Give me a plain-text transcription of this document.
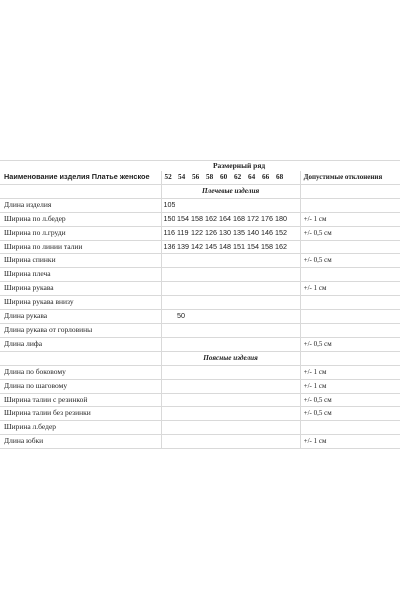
	Размерный ряд										
Наименование изделия Платье женское	52	54	56	58	60	62	64	66	68		Допустимые отклонения
	Плечевые изделия										
Длина изделия	105										
Ширина по л.бедер	150	154	158	162	164	168	172	176	180		+/- 1 см
Ширина по л.груди	116	119	122	126	130	135	140	146	152		+/- 0,5 см
Ширина по линии талии	136	139	142	145	148	151	154	158	162		
Ширина спинки											+/- 0,5 см
Ширина плеча											
Ширина рукава											+/- 1 см
Ширина рукава внизу											
Длина рукава		50									
Длина рукава от горловины											
Длина лифа											+/- 0,5 см
	Поясные изделия										
Длина по боковому											+/- 1 см
Длина по шаговому											+/- 1 см
Ширина талии с резинкой											+/- 0,5 см
Ширина талии без резинки											+/- 0,5 см
Ширина л.бедер											
Длина юбки											+/- 1 см
